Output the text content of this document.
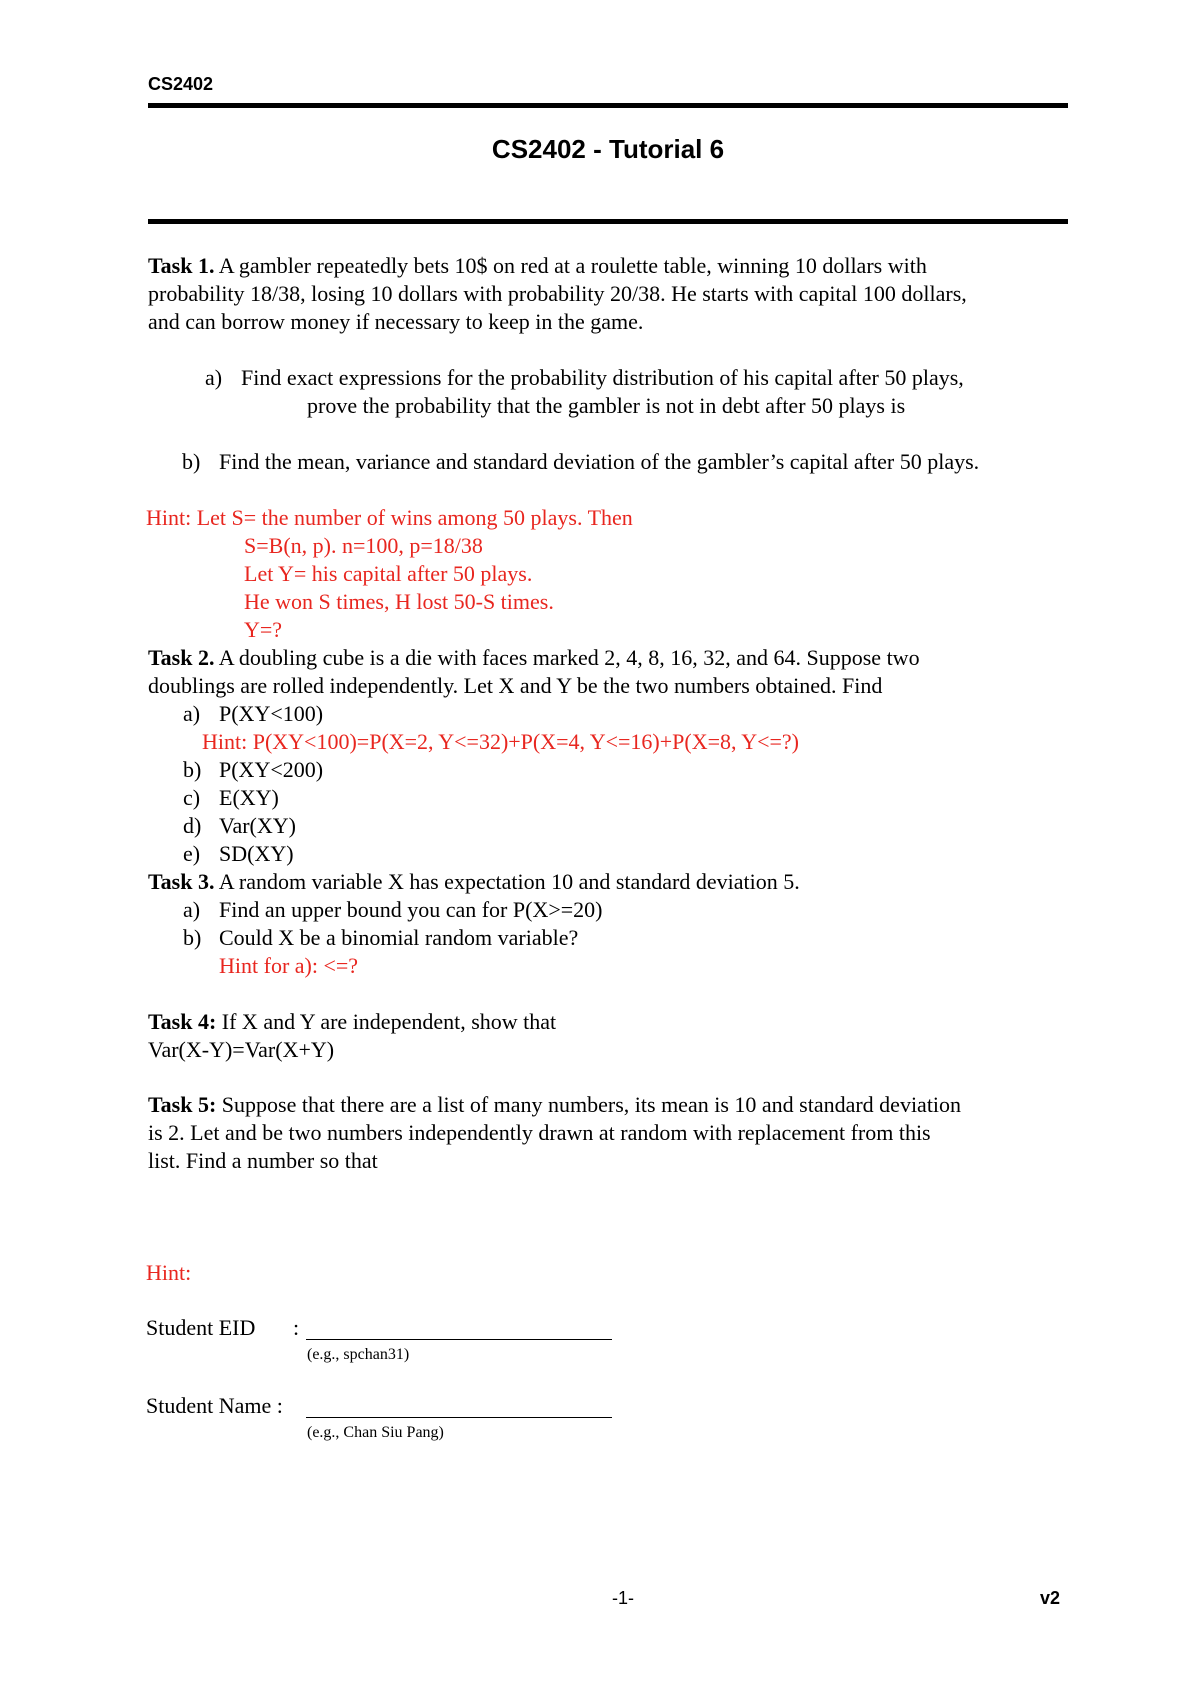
CS2402
CS2402 - Tutorial 6
Task 1. A gambler repeatedly bets 10$ on red at a roulette table, winning 10 dollars with
probability 18/38, losing 10 dollars with probability 20/38. He starts with capital 100 dollars,
and can borrow money if necessary to keep in the game.
a) Find exact expressions for the probability distribution of his capital after 50 plays,
prove the probability that the gambler is not in debt after 50 plays is
b) Find the mean, variance and standard deviation of the gambler’s capital after 50 plays.
Hint: Let S= the number of wins among 50 plays. Then
S=B(n, p). n=100, p=18/38
Let Y= his capital after 50 plays.
He won S times, H lost 50-S times.
Y=?
Task 2. A doubling cube is a die with faces marked 2, 4, 8, 16, 32, and 64. Suppose two
doublings are rolled independently. Let X and Y be the two numbers obtained. Find
a) P(XY<100)
Hint: P(XY<100)=P(X=2, Y<=32)+P(X=4, Y<=16)+P(X=8, Y<=?)
b) P(XY<200)
c) E(XY)
d) Var(XY)
e) SD(XY)
Task 3. A random variable X has expectation 10 and standard deviation 5.
a) Find an upper bound you can for P(X>=20)
b) Could X be a binomial random variable?
Hint for a): <=?
Task 4: If X and Y are independent, show that
Var(X-Y)=Var(X+Y)
Task 5: Suppose that there are a list of many numbers, its mean is 10 and standard deviation
is 2. Let and be two numbers independently drawn at random with replacement from this
list. Find a number so that
Hint:
Student EID :
(e.g., spchan31)
Student Name :
(e.g., Chan Siu Pang)
-1-	v2
